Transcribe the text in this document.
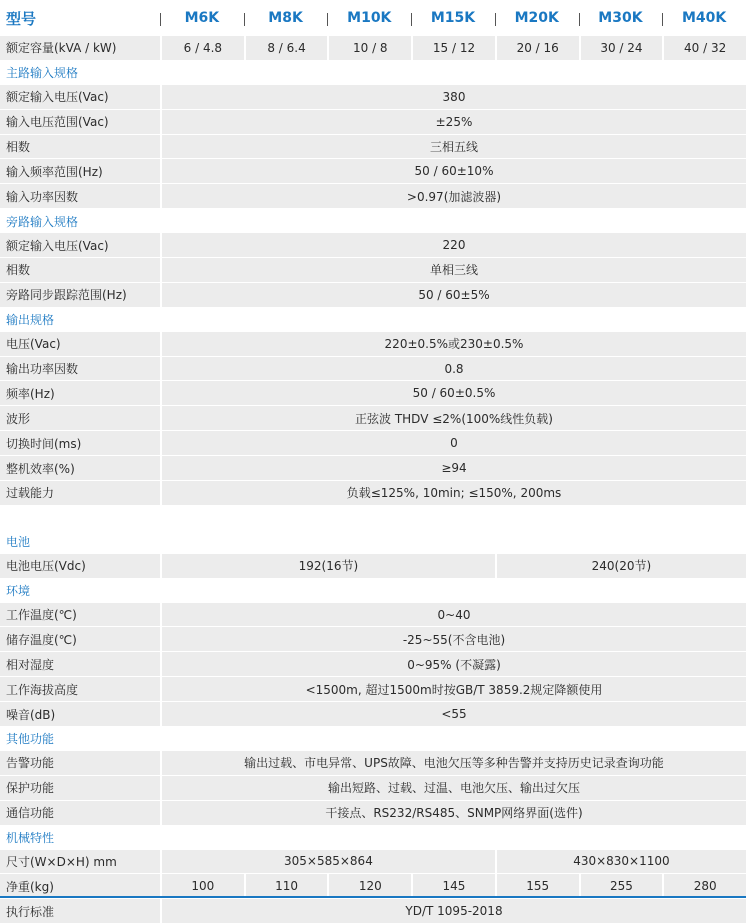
型号	M6K	M8K	M10K	M15K	M20K	M30K	M40K
额定容量(kVA / kW)	6 / 4.8	8 / 6.4	10 / 8	15 / 12	20 / 16	30 / 24	40 / 32
主路输入规格
额定输入电压(Vac)	380
输入电压范围(Vac)	±25%
相数	三相五线
输入频率范围(Hz)	50 / 60±10%
输入功率因数	>0.97(加滤波器)
旁路输入规格
额定输入电压(Vac)	220
相数	单相三线
旁路同步跟踪范围(Hz)	50 / 60±5%
输出规格
电压(Vac)	220±0.5%或230±0.5%
输出功率因数	0.8
频率(Hz)	50 / 60±0.5%
波形	正弦波 THDV ≤2%(100%线性负载)
切换时间(ms)	0
整机效率(%)	≥94
过载能力	负载≤125%, 10min; ≤150%, 200ms
电池
电池电压(Vdc)	192(16节)	240(20节)
环境
工作温度(℃)	0~40
储存温度(℃)	-25~55(不含电池)
相对湿度	0~95% (不凝露)
工作海拔高度	<1500m, 超过1500m时按GB/T 3859.2规定降额使用
噪音(dB)	<55
其他功能
告警功能	输出过载、市电异常、UPS故障、电池欠压等多种告警并支持历史记录查询功能
保护功能	输出短路、过载、过温、电池欠压、输出过欠压
通信功能	干接点、RS232/RS485、SNMP网络界面(选件)
机械特性
尺寸(W×D×H) mm	305×585×864	430×830×1100
净重(kg)	100	110	120	145	155	255	280
执行标准	YD/T 1095-2018
